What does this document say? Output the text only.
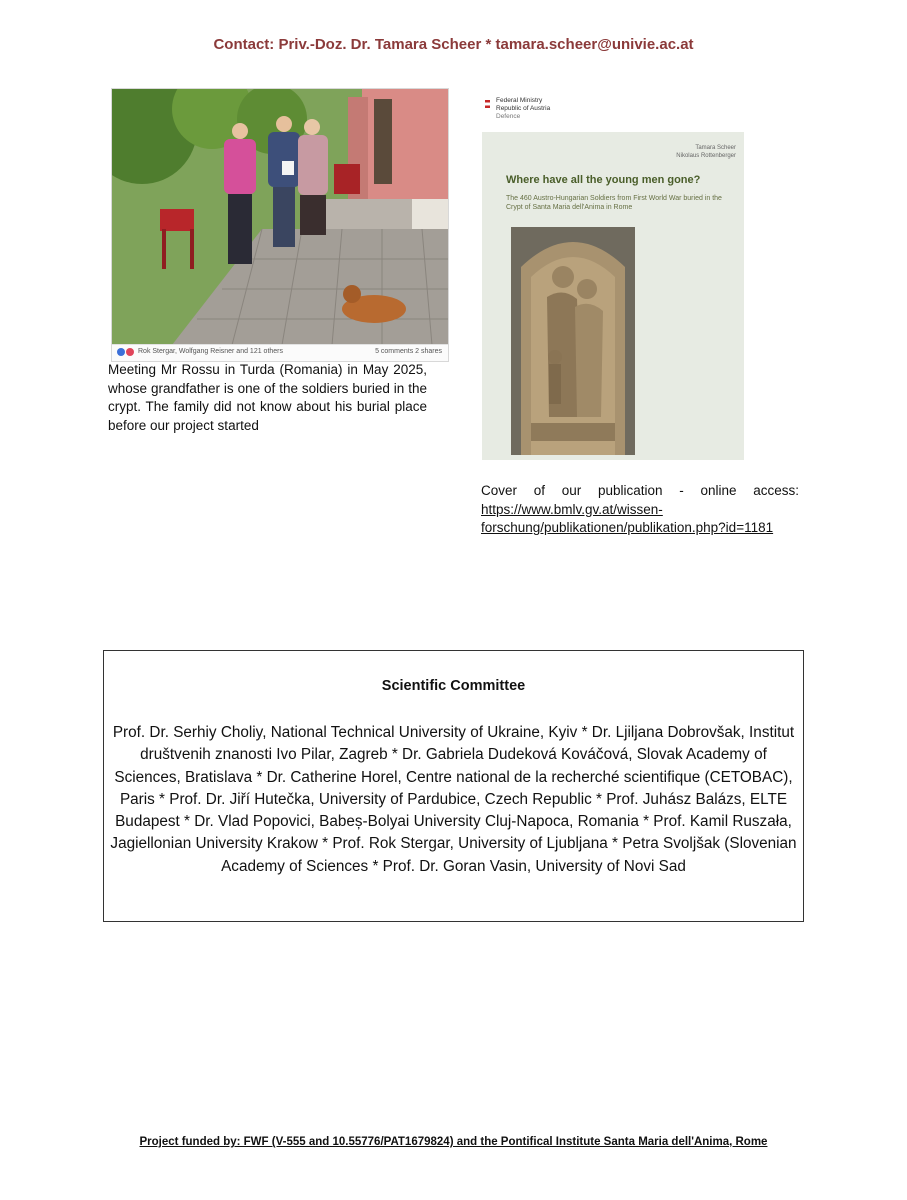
Contact: Priv.-Doz. Dr. Tamara Scheer * tamara.scheer@univie.ac.at
Rok Stergar, Wolfgang Reisner and 121 others	5 comments 2 shares
Meeting Mr Rossu in Turda (Romania) in May 2025, whose grandfather is one of the soldiers buried in the crypt. The family did not know about his burial place before our project started
Federal Ministry
Republic of Austria
Defence
Tamara Scheer
Nikolaus Rottenberger
Where have all the young men gone?
The 460 Austro-Hungarian Soldiers from First World War buried in the Crypt of Santa Maria dell'Anima in Rome
Cover of our publication - online access:
https://www.bmlv.gv.at/wissen-
forschung/publikationen/publikation.php?id=1181
Scientific Committee
Prof. Dr. Serhiy Choliy, National Technical University of Ukraine, Kyiv * Dr. Ljiljana Dobrovšak, Institut društvenih znanosti Ivo Pilar, Zagreb * Dr. Gabriela Dudeková Kováčová, Slovak Academy of Sciences, Bratislava * Dr. Catherine Horel, Centre national de la recherché scientifique (CETOBAC), Paris * Prof. Dr. Jiří Hutečka, University of Pardubice, Czech Republic * Prof. Juhász Balázs, ELTE Budapest * Dr. Vlad Popovici, Babeș-Bolyai University Cluj-Napoca, Romania * Prof. Kamil Ruszała, Jagiellonian University Krakow * Prof. Rok Stergar, University of Ljubljana * Petra Svoljšak (Slovenian Academy of Sciences * Prof. Dr. Goran Vasin, University of Novi Sad
Project funded by: FWF (V-555 and 10.55776/PAT1679824) and the Pontifical Institute Santa Maria dell'Anima, Rome
